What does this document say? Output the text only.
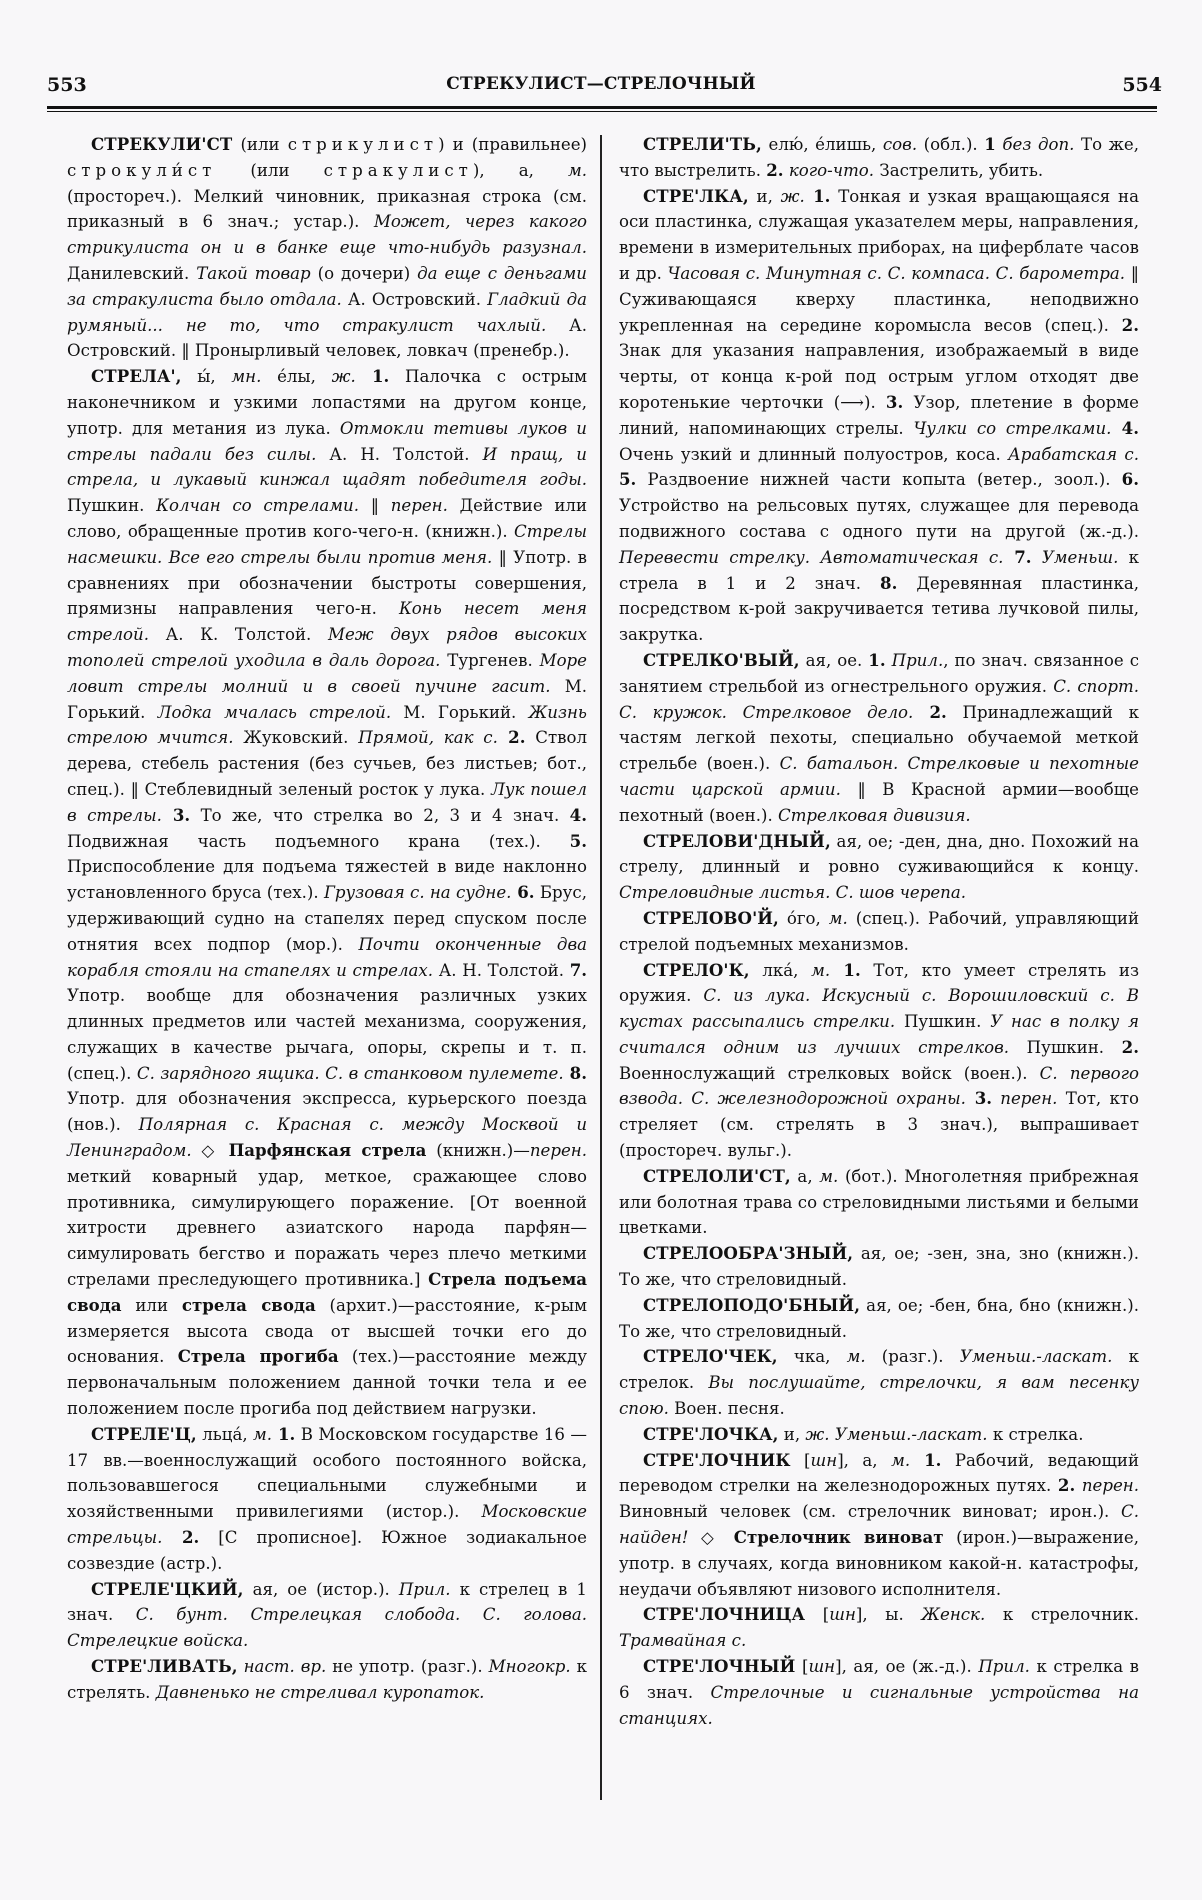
553	СТРЕКУЛИСТ—СТРЕЛОЧНЫЙ	554

СТРЕКУЛИ'СТ (или стрикулист) и (правильнее) строкули́ст (или стракулист), а, м. (простореч.). Мелкий чиновник, приказная строка (см. приказный в 6 знач.; устар.). Может, через какого стрикулиста он и в банке еще что-нибудь разузнал. Данилевский. Такой товар (о дочери) да еще с деньгами за стракулиста было отдала. А. Островский. Гладкий да румяный... не то, что стракулист чахлый. А. Островский. ‖ Пронырливый человек, ловкач (пренебр.).

СТРЕЛА', ы́, мн. е́лы, ж. 1. Палочка с острым наконечником и узкими лопастями на другом конце, употр. для метания из лука. Отмокли тетивы луков и стрелы падали без силы. А. Н. Толстой. И пращ, и стрела, и лукавый кинжал щадят победителя годы. Пушкин. Колчан со стрелами. ‖ перен. Действие или слово, обращенные против кого-чего-н. (книжн.). Стрелы насмешки. Все его стрелы были против меня. ‖ Употр. в сравнениях при обозначении быстроты совершения, прямизны направления чего-н. Конь несет меня стрелой. А. К. Толстой. Меж двух рядов высоких тополей стрелой уходила в даль дорога. Тургенев. Море ловит стрелы молний и в своей пучине гасит. М. Горький. Лодка мчалась стрелой. М. Горький. Жизнь стрелою мчится. Жуковский. Прямой, как с. 2. Ствол дерева, стебель растения (без сучьев, без листьев; бот., спец.). ‖ Стеблевидный зеленый росток у лука. Лук пошел в стрелы. 3. То же, что стрелка во 2, 3 и 4 знач. 4. Подвижная часть подъемного крана (тех.). 5. Приспособление для подъема тяжестей в виде наклонно установленного бруса (тех.). Грузовая с. на судне. 6. Брус, удерживающий судно на стапелях перед спуском после отнятия всех подпор (мор.). Почти оконченные два корабля стояли на стапелях и стрелах. А. Н. Толстой. 7. Употр. вообще для обозначения различных узких длинных предметов или частей механизма, сооружения, служащих в качестве рычага, опоры, скрепы и т. п. (спец.). С. зарядного ящика. С. в станковом пулемете. 8. Употр. для обозначения экспресса, курьерского поезда (нов.). Полярная с. Красная с. между Москвой и Ленинградом. ◇ Парфянская стрела (книжн.)—перен. меткий коварный удар, меткое, сражающее слово противника, симулирующего поражение. [От военной хитрости древнего азиатского народа парфян—симулировать бегство и поражать через плечо меткими стрелами преследующего противника.] Стрела подъема свода или стрела свода (архит.)—расстояние, к-рым измеряется высота свода от высшей точки его до основания. Стрела прогиба (тех.)—расстояние между первоначальным положением данной точки тела и ее положением после прогиба под действием нагрузки.

СТРЕЛЕ'Ц, льца́, м. 1. В Московском государстве 16 — 17 вв.—военнослужащий особого постоянного войска, пользовавшегося специальными служебными и хозяйственными привилегиями (истор.). Московские стрельцы. 2. [С прописное]. Южное зодиакальное созвездие (астр.).

СТРЕЛЕ'ЦКИЙ, ая, ое (истор.). Прил. к стрелец в 1 знач. С. бунт. Стрелецкая слобода. С. голова. Стрелецкие войска.

СТРЕ'ЛИВАТЬ, наст. вр. не употр. (разг.). Многокр. к стрелять. Давненько не стреливал куропаток.

СТРЕЛИ'ТЬ, елю́, е́лишь, сов. (обл.). 1 без доп. То же, что выстрелить. 2. кого-что. Застрелить, убить.

СТРЕ'ЛКА, и, ж. 1. Тонкая и узкая вращающаяся на оси пластинка, служащая указателем меры, направления, времени в измерительных приборах, на циферблате часов и др. Часовая с. Минутная с. С. компаса. С. барометра. ‖ Суживающаяся кверху пластинка, неподвижно укрепленная на середине коромысла весов (спец.). 2. Знак для указания направления, изображаемый в виде черты, от конца к-рой под острым углом отходят две коротенькие черточки (⟶). 3. Узор, плетение в форме линий, напоминающих стрелы. Чулки со стрелками. 4. Очень узкий и длинный полуостров, коса. Арабатская с. 5. Раздвоение нижней части копыта (ветер., зоол.). 6. Устройство на рельсовых путях, служащее для перевода подвижного состава с одного пути на другой (ж.-д.). Перевести стрелку. Автоматическая с. 7. Уменьш. к стрела в 1 и 2 знач. 8. Деревянная пластинка, посредством к-рой закручивается тетива лучковой пилы, закрутка.

СТРЕЛКО'ВЫЙ, ая, ое. 1. Прил., по знач. связанное с занятием стрельбой из огнестрельного оружия. С. спорт. С. кружок. Стрелковое дело. 2. Принадлежащий к частям легкой пехоты, специально обучаемой меткой стрельбе (воен.). С. батальон. Стрелковые и пехотные части царской армии. ‖ В Красной армии—вообще пехотный (воен.). Стрелковая дивизия.

СТРЕЛОВИ'ДНЫЙ, ая, ое; -ден, дна, дно. Похожий на стрелу, длинный и ровно суживающийся к концу. Стреловидные листья. С. шов черепа.

СТРЕЛОВО'Й, о́го, м. (спец.). Рабочий, управляющий стрелой подъемных механизмов.

СТРЕЛО'К, лка́, м. 1. Тот, кто умеет стрелять из оружия. С. из лука. Искусный с. Ворошиловский с. В кустах рассыпались стрелки. Пушкин. У нас в полку я считался одним из лучших стрелков. Пушкин. 2. Военнослужащий стрелковых войск (воен.). С. первого взвода. С. железнодорожной охраны. 3. перен. Тот, кто стреляет (см. стрелять в 3 знач.), выпрашивает (простореч. вульг.).

СТРЕЛОЛИ'СТ, а, м. (бот.). Многолетняя прибрежная или болотная трава со стреловидными листьями и белыми цветками.

СТРЕЛООБРА'ЗНЫЙ, ая, ое; -зен, зна, зно (книжн.). То же, что стреловидный.

СТРЕЛОПОДО'БНЫЙ, ая, ое; -бен, бна, бно (книжн.). То же, что стреловидный.

СТРЕЛО'ЧЕК, чка, м. (разг.). Уменьш.-ласкат. к стрелок. Вы послушайте, стрелочки, я вам песенку спою. Воен. песня.

СТРЕ'ЛОЧКА, и, ж. Уменьш.-ласкат. к стрелка.

СТРЕ'ЛОЧНИК [шн], а, м. 1. Рабочий, ведающий переводом стрелки на железнодорожных путях. 2. перен. Виновный человек (см. стрелочник виноват; ирон.). С. найден! ◇ Стрелочник виноват (ирон.)—выражение, употр. в случаях, когда виновником какой-н. катастрофы, неудачи объявляют низового исполнителя.

СТРЕ'ЛОЧНИЦА [шн], ы. Женск. к стрелочник. Трамвайная с.

СТРЕ'ЛОЧНЫЙ [шн], ая, ое (ж.-д.). Прил. к стрелка в 6 знач. Стрелочные и сигнальные устройства на станциях.
